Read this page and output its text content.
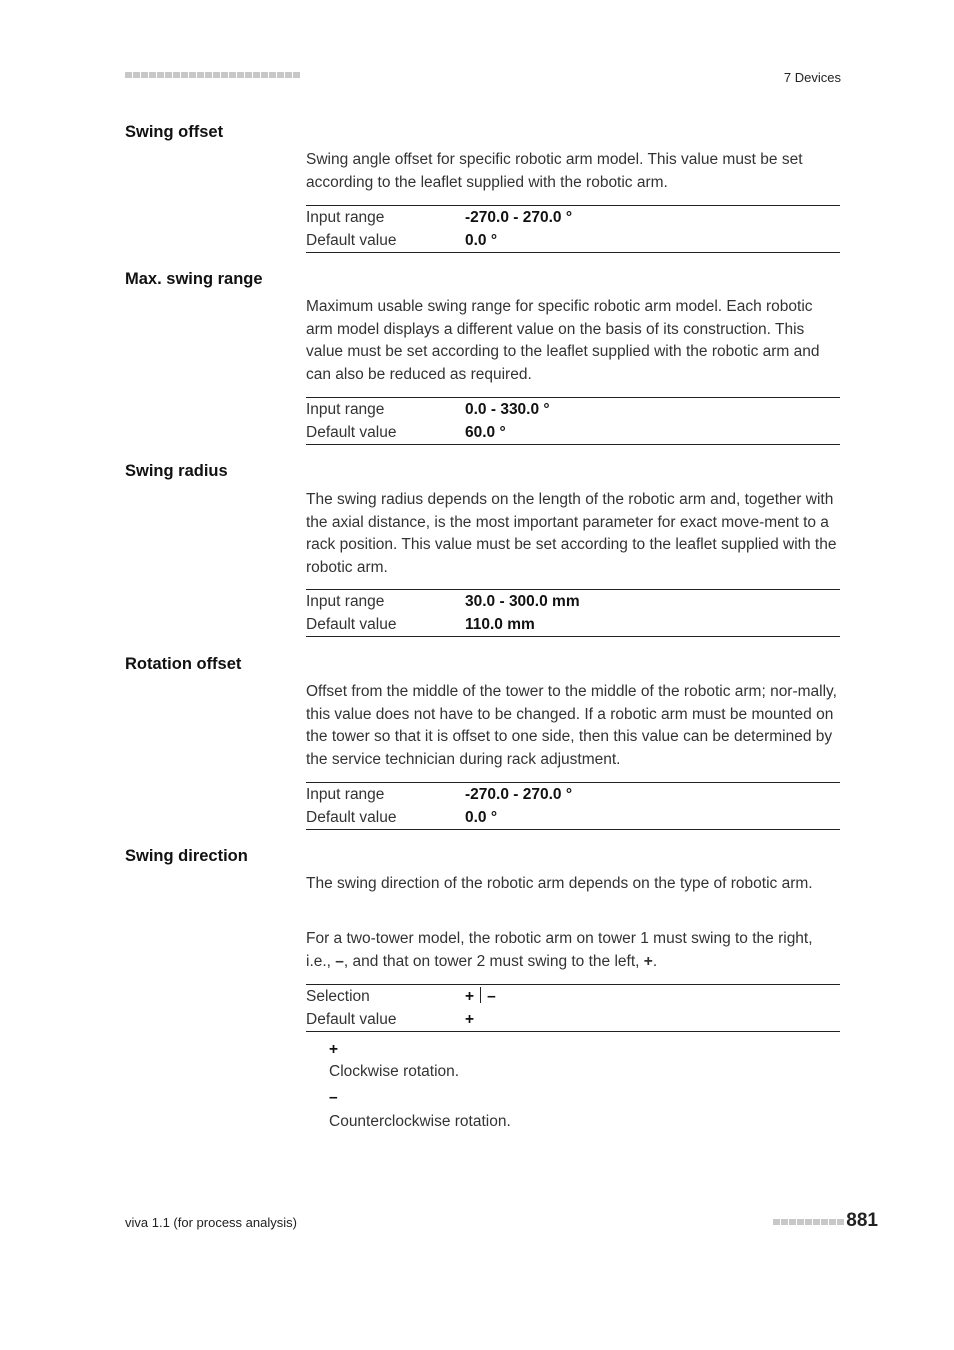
7 Devices
Swing offset

Swing angle offset for specific robotic arm model. This value must be set according to the leaflet supplied with the robotic arm.

Input range	-270.0 - 270.0 °
Default value	0.0 °
Max. swing range

Maximum usable swing range for specific robotic arm model. Each robotic arm model displays a different value on the basis of its construction. This value must be set according to the leaflet supplied with the robotic arm and can also be reduced as required.

Input range	0.0 - 330.0 °
Default value	60.0 °
Swing radius

The swing radius depends on the length of the robotic arm and, together with the axial distance, is the most important parameter for exact move-ment to a rack position. This value must be set according to the leaflet supplied with the robotic arm.

Input range	30.0 - 300.0 mm
Default value	110.0 mm
Rotation offset

Offset from the middle of the tower to the middle of the robotic arm; nor-mally, this value does not have to be changed. If a robotic arm must be mounted on the tower so that it is offset to one side, then this value can be determined by the service technician during rack adjustment.

Input range	-270.0 - 270.0 °
Default value	0.0 °
Swing direction

The swing direction of the robotic arm depends on the type of robotic arm.

For a two-tower model, the robotic arm on tower 1 must swing to the right, i.e., –, and that on tower 2 must swing to the left, +.

Selection	+ –
Default value	+
+
Clockwise rotation.
–
Counterclockwise rotation.
viva 1.1 (for process analysis)	881
